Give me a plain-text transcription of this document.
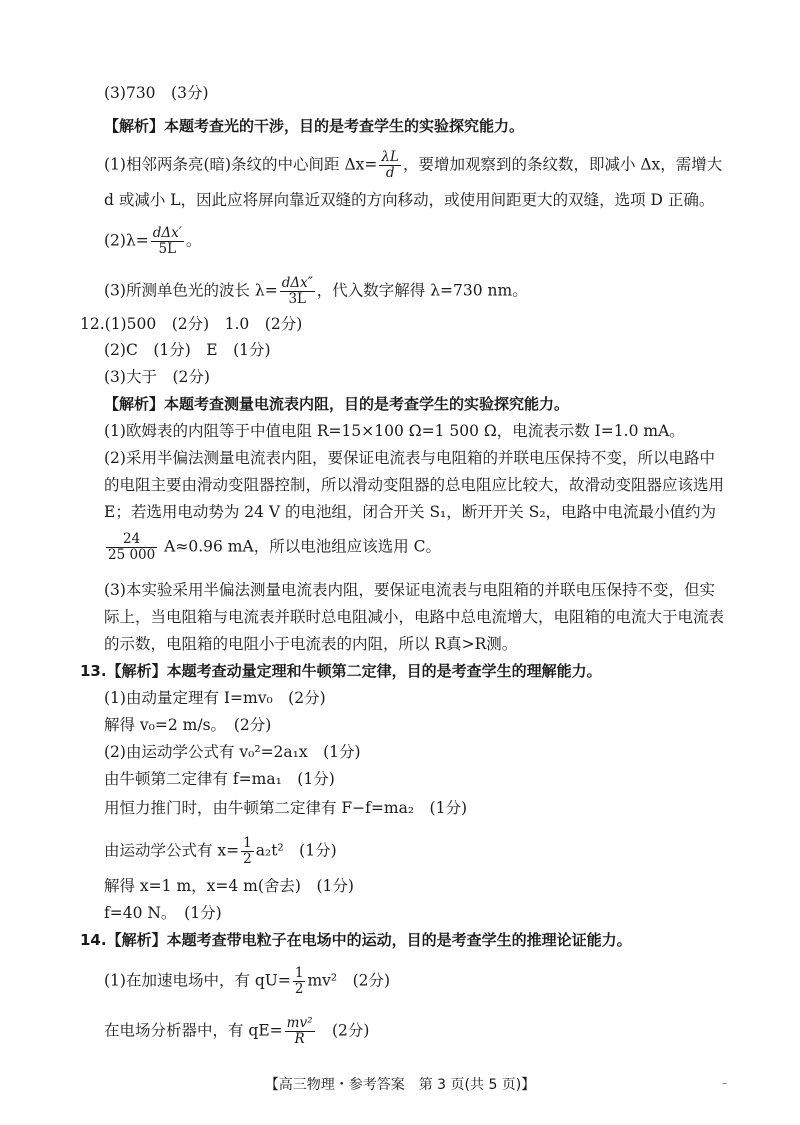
(3)730　(3分)
【解析】本题考查光的干涉，目的是考查学生的实验探究能力。
(1)相邻两条亮(暗)条纹的中心间距 $\Delta x= \frac{\lambda L}{d}$ ，要增加观察到的条纹数，即减小 Δx，需增大
d 或减小 L，因此应将屏向靠近双缝的方向移动，或使用间距更大的双缝，选项 D 正确。
$(2)\lambda= \frac{\text{dΔx′}}{5L}$ 。
(3)所测单色光的波长 $\lambda= \frac{\text{dΔx″}}{3L}$ ，代入数字解得 λ=730 nm。
12.(1)500　(2分)　1.0　(2分)
(2)C　(1分)　E　(1分)
(3)大于　(2分)
【解析】本题考查测量电流表内阻，目的是考查学生的实验探究能力。
(1)欧姆表的内阻等于中值电阻 R=15×100 Ω=1 500 Ω，电流表示数 I=1.0 mA。
(2)采用半偏法测量电流表内阻，要保证电流表与电阻箱的并联电压保持不变，所以电路中
的电阻主要由滑动变阻器控制，所以滑动变阻器的总电阻应比较大，故滑动变阻器应该选用
E；若选用电动势为 24 V 的电池组，闭合开关 S₁，断开开关 S₂，电路中电流最小值约为
$\frac{24}{25 000} A\approx 0.96$ mA，所以电池组应该选用 C。
(3)本实验采用半偏法测量电流表内阻，要保证电流表与电阻箱的并联电压保持不变，但实
际上，当电阻箱与电流表并联时总电阻减小，电路中总电流增大，电阻箱的电流大于电流表
的示数，电阻箱的电阻小于电流表的内阻，所以 R真>R测。
13.【解析】本题考查动量定理和牛顿第二定律，目的是考查学生的理解能力。
(1)由动量定理有 I=mv₀　(2分)
解得 v₀=2 m/s。　(2分)
(2)由运动学公式有 v₀²=2a₁x　(1分)
由牛顿第二定律有 f=ma₁　(1分)
用恒力推门时，由牛顿第二定律有 F−f=ma₂　(1分)
由运动学公式有 $x= \frac{1}{2} a_2t^2$　(1分)
解得 x=1 m，x=4 m(舍去)　(1分)
f=40 N。　(1分)
14.【解析】本题考查带电粒子在电场中的运动，目的是考查学生的推理论证能力。
(1)在加速电场中，有 $qU= \frac{1}{2} mv^2$　(2分)
在电场分析器中，有 $qE= \frac{\text{mv²}}{R}$ 　(2分)
【高三物理・参考答案　第 3 页(共 5 页)】	–
